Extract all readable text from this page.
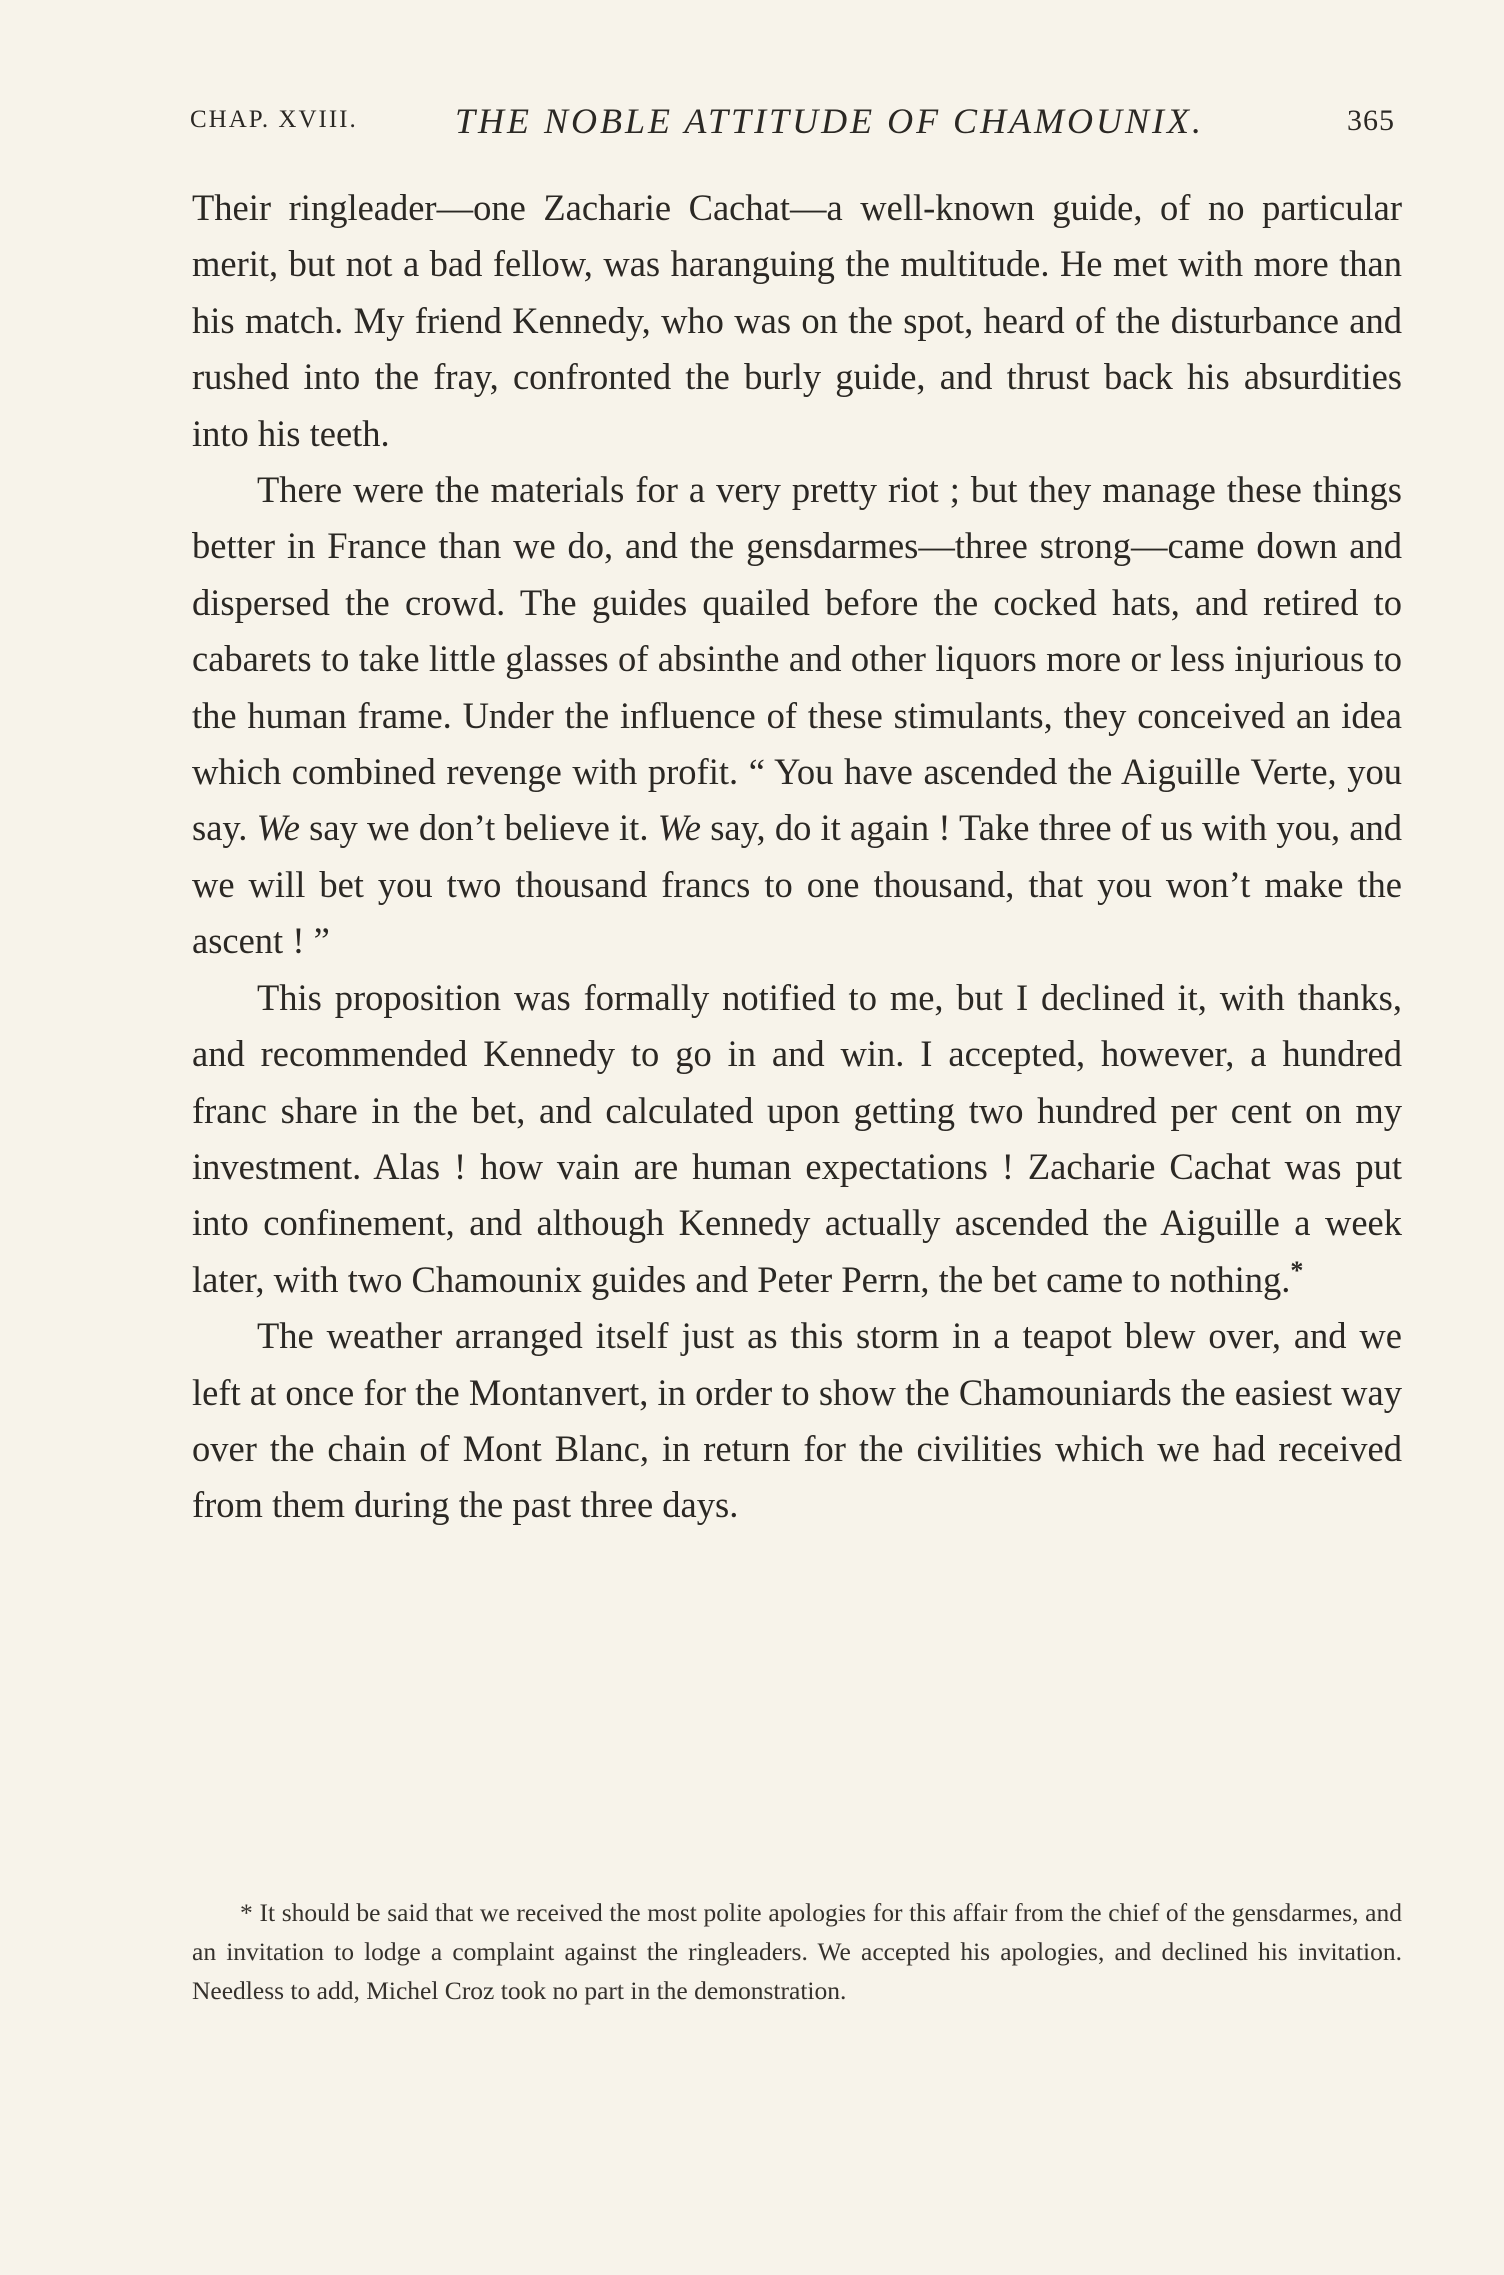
CHAP. XVIII.	THE NOBLE ATTITUDE OF CHAMOUNIX.	365

Their ringleader—one Zacharie Cachat—a well-known guide, of no particular merit, but not a bad fellow, was haranguing the multitude. He met with more than his match. My friend Kennedy, who was on the spot, heard of the disturbance and rushed into the fray, confronted the burly guide, and thrust back his absurdities into his teeth.

There were the materials for a very pretty riot ; but they manage these things better in France than we do, and the gensdarmes—three strong—came down and dispersed the crowd. The guides quailed before the cocked hats, and retired to cabarets to take little glasses of absinthe and other liquors more or less injurious to the human frame. Under the influence of these stimulants, they conceived an idea which combined revenge with profit. “ You have ascended the Aiguille Verte, you say. We say we don’t believe it. We say, do it again ! Take three of us with you, and we will bet you two thousand francs to one thousand, that you won’t make the ascent ! ”

This proposition was formally notified to me, but I declined it, with thanks, and recommended Kennedy to go in and win. I accepted, however, a hundred franc share in the bet, and calculated upon getting two hundred per cent on my investment. Alas ! how vain are human expectations ! Zacharie Cachat was put into confinement, and although Kennedy actually ascended the Aiguille a week later, with two Chamounix guides and Peter Perrn, the bet came to nothing.*

The weather arranged itself just as this storm in a teapot blew over, and we left at once for the Montanvert, in order to show the Chamouniards the easiest way over the chain of Mont Blanc, in return for the civilities which we had received from them during the past three days.

* It should be said that we received the most polite apologies for this affair from the chief of the gensdarmes, and an invitation to lodge a complaint against the ringleaders. We accepted his apologies, and declined his invitation. Needless to add, Michel Croz took no part in the demonstration.
